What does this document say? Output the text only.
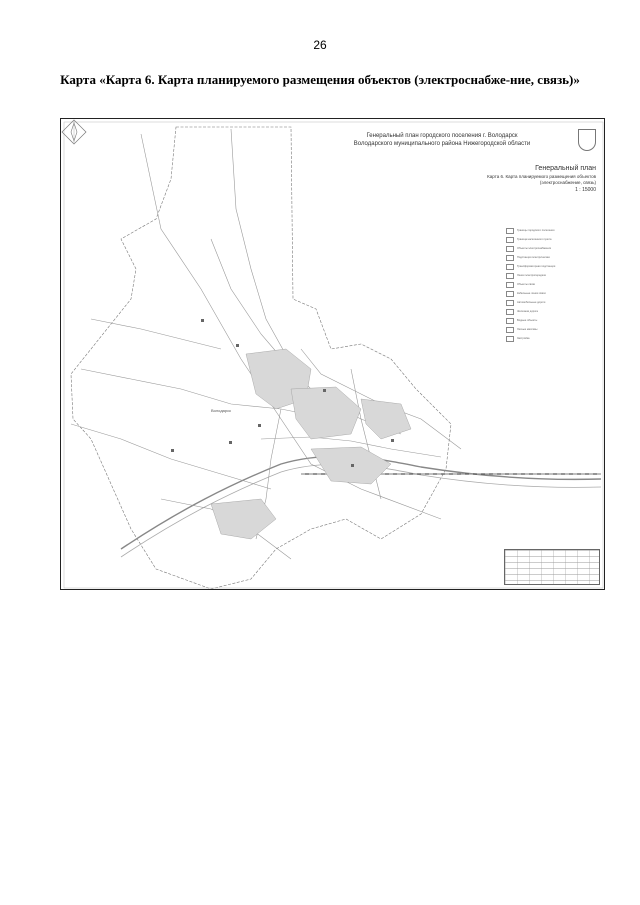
26
Карта «Карта 6. Карта планируемого размещения объектов (электроснабже-ние, связь)»
Генеральный план городского поселения г. Володарск
Володарского муниципального района Нижегородской области
Генеральный план
Карта 6. Карта планируемого размещения объектов
(электроснабжение, связь)
1 : 15000
Границы городского поселения
Граница населенного пункта
Объекты электроснабжения
Подстанция электрическая
Трансформаторная подстанция
Линии электропередачи
Объекты связи
Кабельные линии связи
Автомобильные дороги
Железная дорога
Водные объекты
Лесные массивы
Застройка
Володарск
